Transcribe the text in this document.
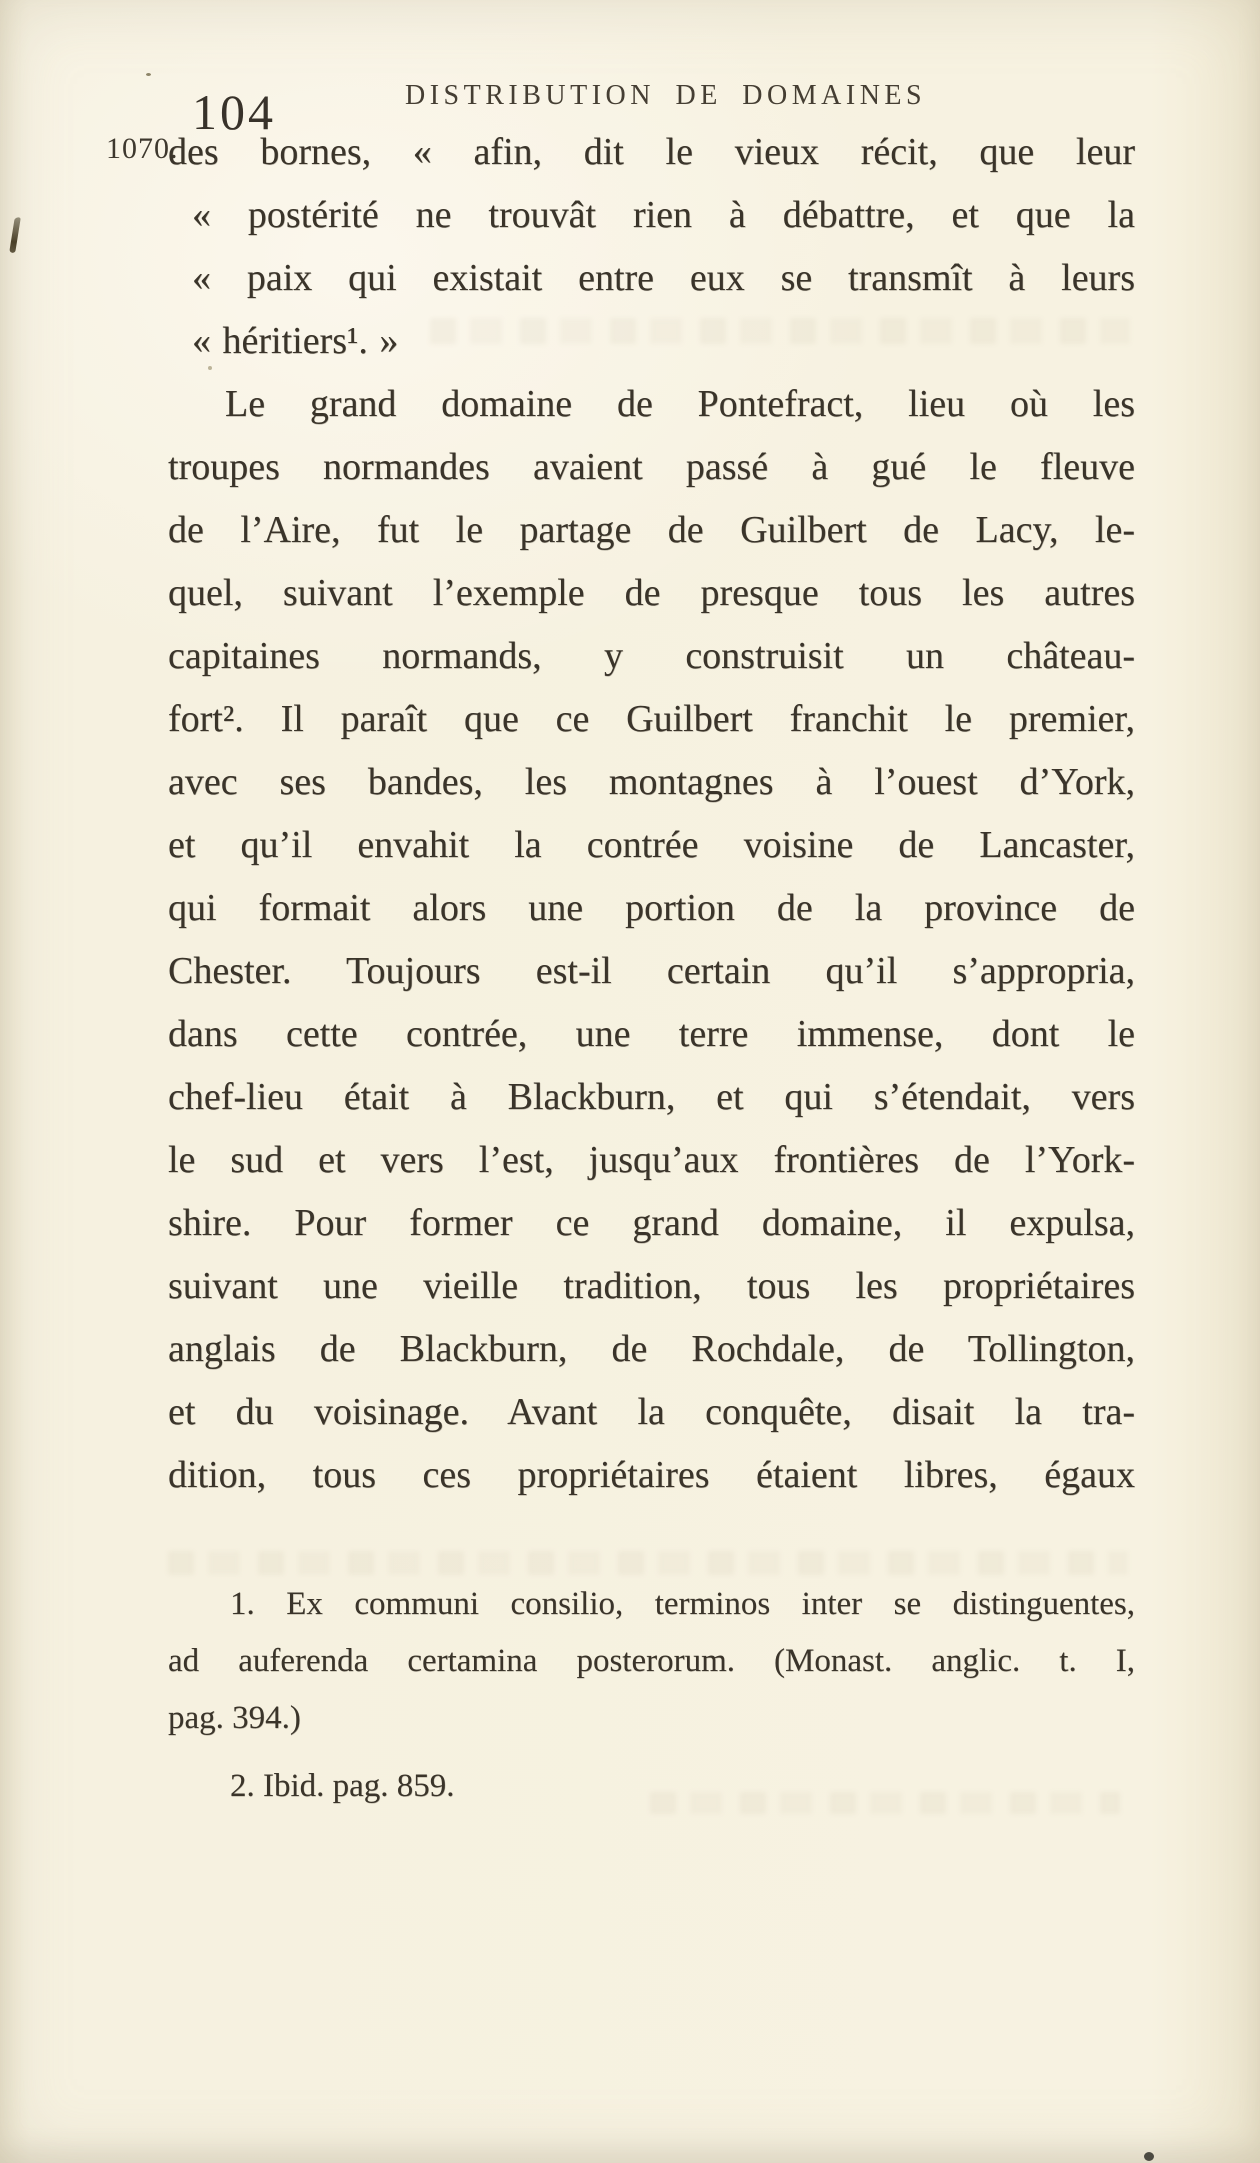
104	DISTRIBUTION DE DOMAINES
1070.
des bornes, « afin, dit le vieux récit, que leur
« postérité ne trouvât rien à débattre, et que la
« paix qui existait entre eux se transmît à leurs
« héritiers¹. »
Le grand domaine de Pontefract, lieu où les
troupes normandes avaient passé à gué le fleuve
de l’Aire, fut le partage de Guilbert de Lacy, le-
quel, suivant l’exemple de presque tous les autres
capitaines normands, y construisit un château-
fort². Il paraît que ce Guilbert franchit le premier,
avec ses bandes, les montagnes à l’ouest d’York,
et qu’il envahit la contrée voisine de Lancaster,
qui formait alors une portion de la province de
Chester. Toujours est-il certain qu’il s’appropria,
dans cette contrée, une terre immense, dont le
chef-lieu était à Blackburn, et qui s’étendait, vers
le sud et vers l’est, jusqu’aux frontières de l’York-
shire. Pour former ce grand domaine, il expulsa,
suivant une vieille tradition, tous les propriétaires
anglais de Blackburn, de Rochdale, de Tollington,
et du voisinage. Avant la conquête, disait la tra-
dition, tous ces propriétaires étaient libres, égaux
1. Ex communi consilio, terminos inter se distinguentes,
ad auferenda certamina posterorum. (Monast. anglic. t. I,
pag. 394.)
2. Ibid. pag. 859.
